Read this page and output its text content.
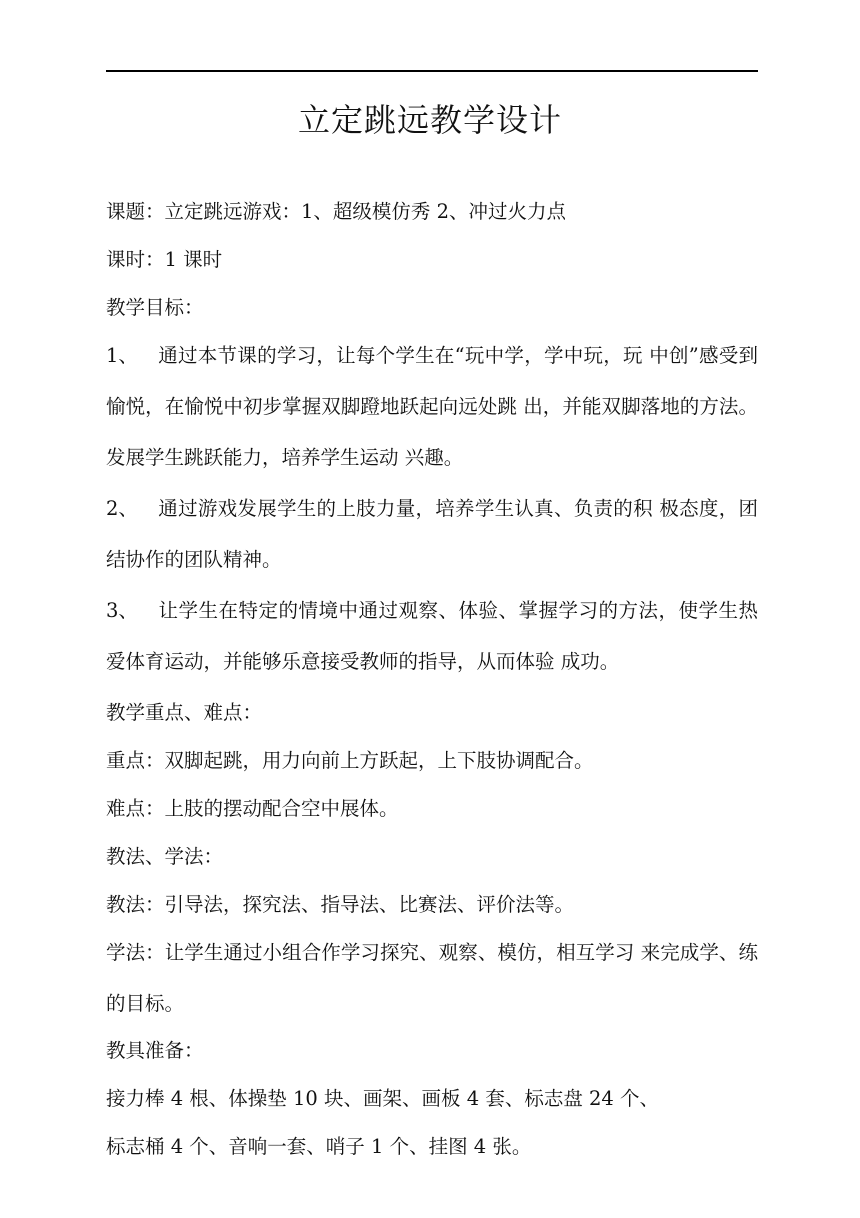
立定跳远教学设计
课题：立定跳远游戏：1、超级模仿秀 2、冲过火力点
课时：1 课时
教学目标：
1、 通过本节课的学习，让每个学生在“玩中学，学中玩，玩 中创”感受到愉悦，在愉悦中初步掌握双脚蹬地跃起向远处跳 出，并能双脚落地的方法。发展学生跳跃能力，培养学生运动 兴趣。
2、 通过游戏发展学生的上肢力量，培养学生认真、负责的积 极态度，团结协作的团队精神。
3、 让学生在特定的情境中通过观察、体验、掌握学习的方法，使学生热爱体育运动，并能够乐意接受教师的指导，从而体验 成功。
教学重点、难点：
重点：双脚起跳，用力向前上方跃起，上下肢协调配合。
难点：上肢的摆动配合空中展体。
教法、学法：
教法：引导法，探究法、指导法、比赛法、评价法等。
学法：让学生通过小组合作学习探究、观察、模仿，相互学习 来完成学、练的目标。
教具准备：
接力棒 4 根、体操垫 10 块、画架、画板 4 套、标志盘 24 个、
标志桶 4 个、音响一套、哨子 1 个、挂图 4 张。
